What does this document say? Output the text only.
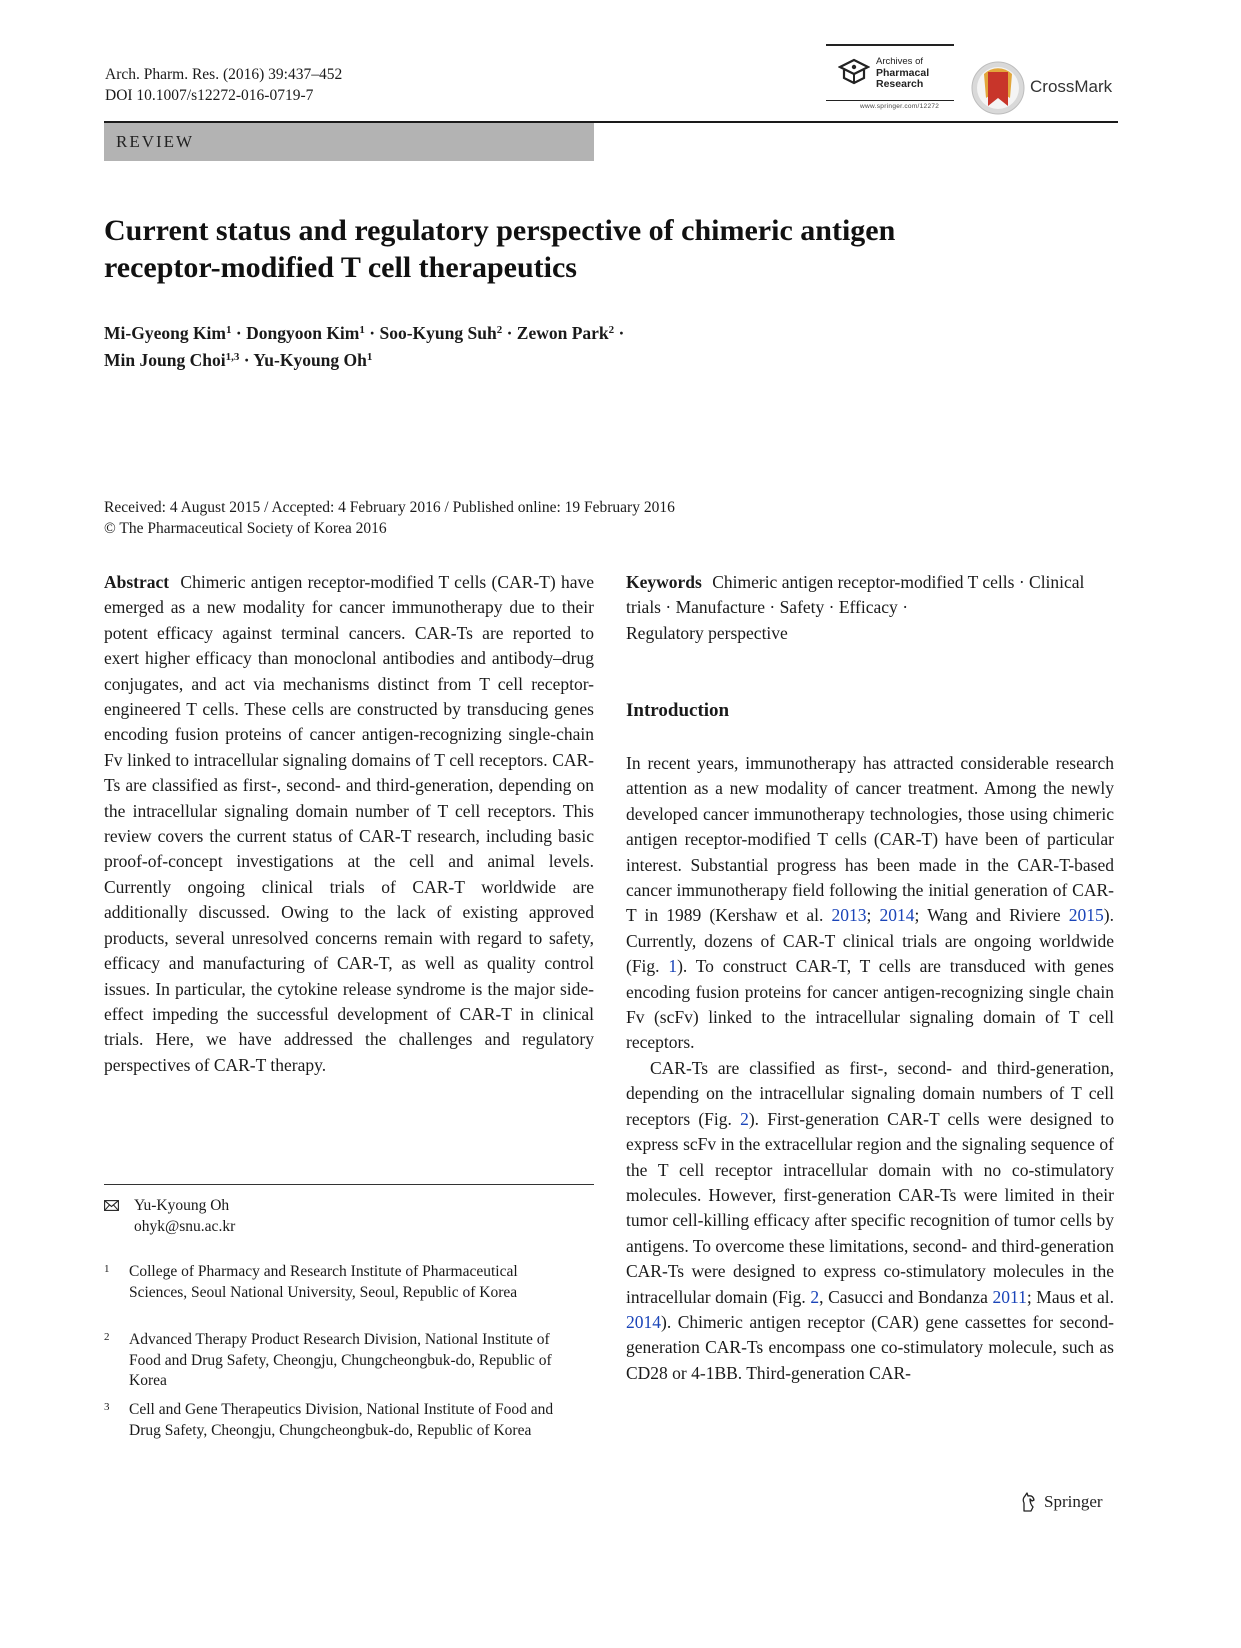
Arch. Pharm. Res. (2016) 39:437–452
DOI 10.1007/s12272-016-0719-7
Archives of
Pharmacal
Research
www.springer.com/12272
CrossMark
REVIEW
Current status and regulatory perspective of chimeric antigen
receptor-modified T cell therapeutics
Mi-Gyeong Kim$^1$ · Dongyoon Kim$^1$ · Soo-Kyung Suh$^2$ · Zewon Park$^2$ ·
Min Joung Choi$^{1,3}$ · Yu-Kyoung Oh$^1$
Received: 4 August 2015 / Accepted: 4 February 2016 / Published online: 19 February 2016
© The Pharmaceutical Society of Korea 2016
Abstract Chimeric antigen receptor-modified T cells (CAR-T) have emerged as a new modality for cancer immunotherapy due to their potent efficacy against terminal cancers. CAR-Ts are reported to exert higher efficacy than monoclonal antibodies and antibody–drug conjugates, and act via mechanisms distinct from T cell receptor-engineered T cells. These cells are constructed by transducing genes encoding fusion proteins of cancer antigen-recognizing single-chain Fv linked to intracellular signaling domains of T cell receptors. CAR-Ts are classified as first-, second- and third-generation, depending on the intracellular signaling domain number of T cell receptors. This review covers the current status of CAR-T research, including basic proof-of-concept investigations at the cell and animal levels. Currently ongoing clinical trials of CAR-T worldwide are additionally discussed. Owing to the lack of existing approved products, several unresolved concerns remain with regard to safety, efficacy and manufacturing of CAR-T, as well as quality control issues. In particular, the cytokine release syndrome is the major side-effect impeding the successful development of CAR-T in clinical trials. Here, we have addressed the challenges and regulatory perspectives of CAR-T therapy.
Yu-Kyoung Oh
ohyk@snu.ac.kr
1 College of Pharmacy and Research Institute of Pharmaceutical Sciences, Seoul National University, Seoul, Republic of Korea
2 Advanced Therapy Product Research Division, National Institute of Food and Drug Safety, Cheongju, Chungcheongbuk-do, Republic of Korea
3 Cell and Gene Therapeutics Division, National Institute of Food and Drug Safety, Cheongju, Chungcheongbuk-do, Republic of Korea
Keywords Chimeric antigen receptor-modified T cells · Clinical trials · Manufacture · Safety · Efficacy ·
Regulatory perspective
Introduction

In recent years, immunotherapy has attracted considerable research attention as a new modality of cancer treatment. Among the newly developed cancer immunotherapy technologies, those using chimeric antigen receptor-modified T cells (CAR-T) have been of particular interest. Substantial progress has been made in the CAR-T-based cancer immunotherapy field following the initial generation of CAR-T in 1989 (Kershaw et al. 2013; 2014; Wang and Riviere 2015). Currently, dozens of CAR-T clinical trials are ongoing worldwide (Fig. 1). To construct CAR-T, T cells are transduced with genes encoding fusion proteins for cancer antigen-recognizing single chain Fv (scFv) linked to the intracellular signaling domain of T cell receptors.

CAR-Ts are classified as first-, second- and third-generation, depending on the intracellular signaling domain numbers of T cell receptors (Fig. 2). First-generation CAR-T cells were designed to express scFv in the extracellular region and the signaling sequence of the T cell receptor intracellular domain with no co-stimulatory molecules. However, first-generation CAR-Ts were limited in their tumor cell-killing efficacy after specific recognition of tumor cells by antigens. To overcome these limitations, second- and third-generation CAR-Ts were designed to express co-stimulatory molecules in the intracellular domain (Fig. 2, Casucci and Bondanza 2011; Maus et al. 2014). Chimeric antigen receptor (CAR) gene cassettes for second-generation CAR-Ts encompass one co-stimulatory molecule, such as CD28 or 4-1BB. Third-generation CAR-

Springer
